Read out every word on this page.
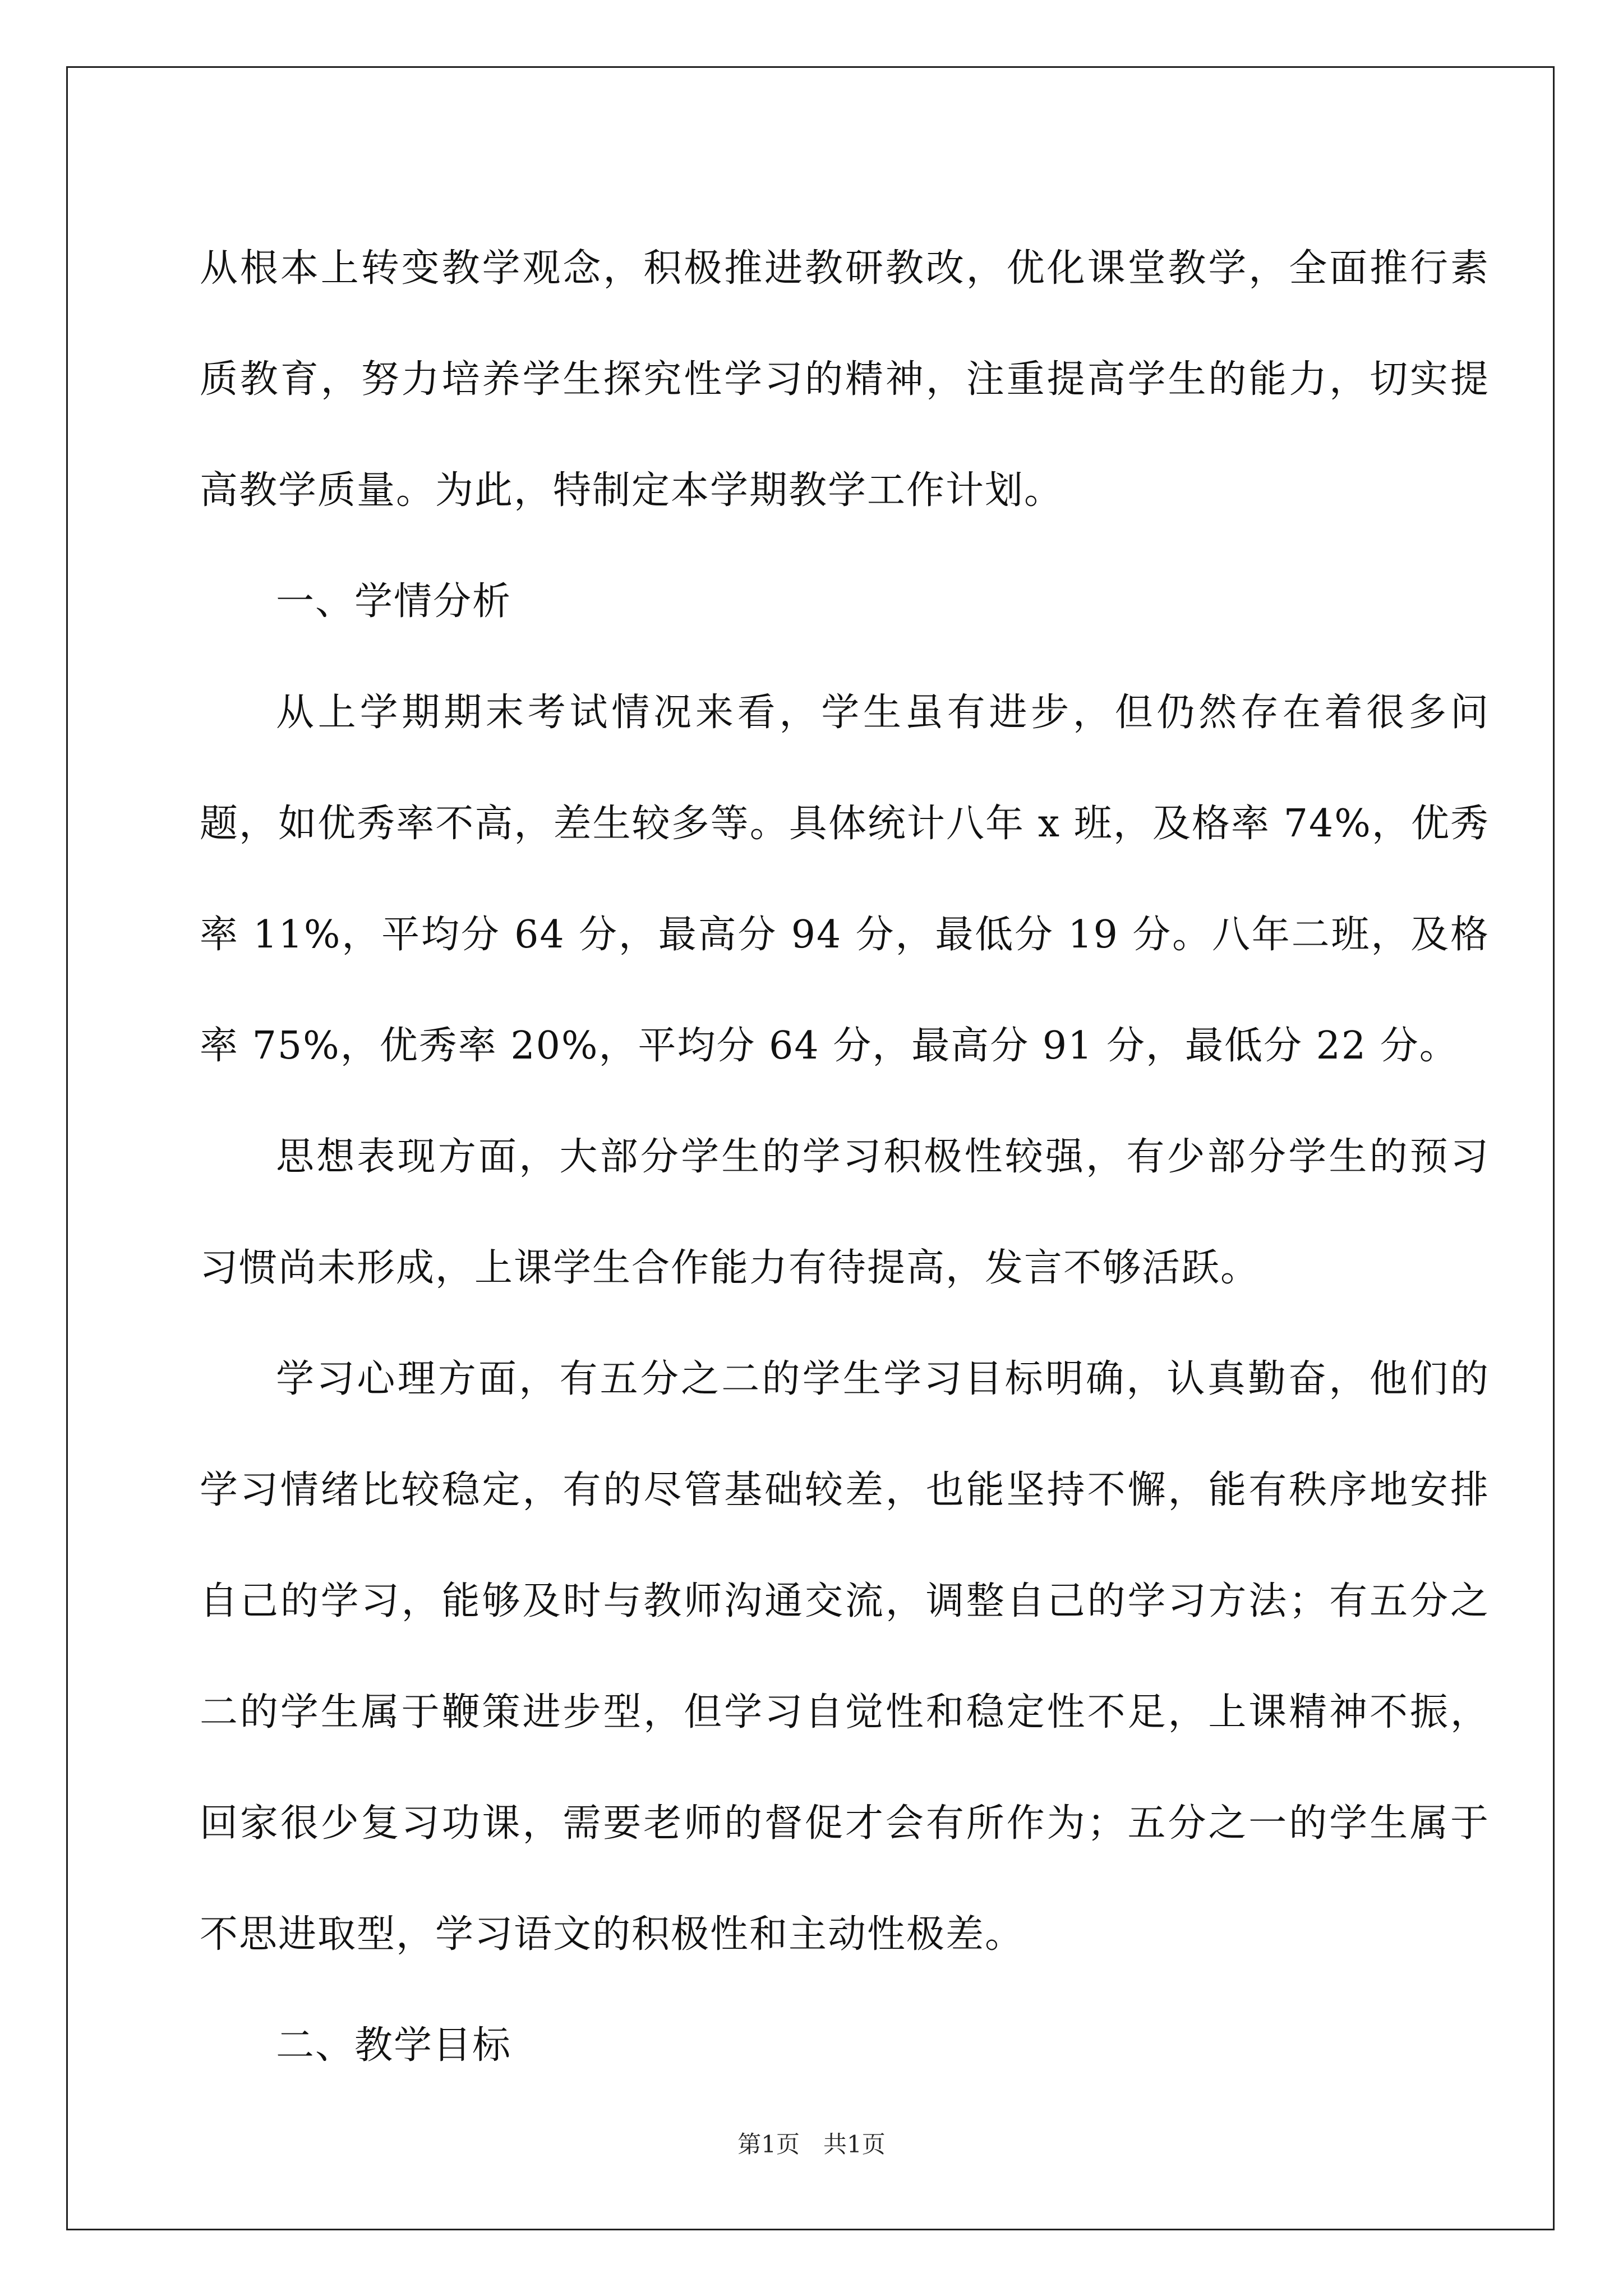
从根本上转变教学观念，积极推进教研教改，优化课堂教学，全面推行素质教育，努力培养学生探究性学习的精神，注重提高学生的能力，切实提高教学质量。为此，特制定本学期教学工作计划。

一、学情分析

从上学期期末考试情况来看，学生虽有进步，但仍然存在着很多问题，如优秀率不高，差生较多等。具体统计八年 x 班，及格率 74%，优秀率 11%，平均分 64 分，最高分 94 分，最低分 19 分。八年二班，及格率 75%，优秀率 20%，平均分 64 分，最高分 91 分，最低分 22 分。

思想表现方面，大部分学生的学习积极性较强，有少部分学生的预习习惯尚未形成，上课学生合作能力有待提高，发言不够活跃。

学习心理方面，有五分之二的学生学习目标明确，认真勤奋，他们的学习情绪比较稳定，有的尽管基础较差，也能坚持不懈，能有秩序地安排自己的学习，能够及时与教师沟通交流，调整自己的学习方法；有五分之二的学生属于鞭策进步型，但学习自觉性和稳定性不足，上课精神不振，回家很少复习功课，需要老师的督促才会有所作为；五分之一的学生属于不思进取型，学习语文的积极性和主动性极差。

二、教学目标

第1页　共1页
